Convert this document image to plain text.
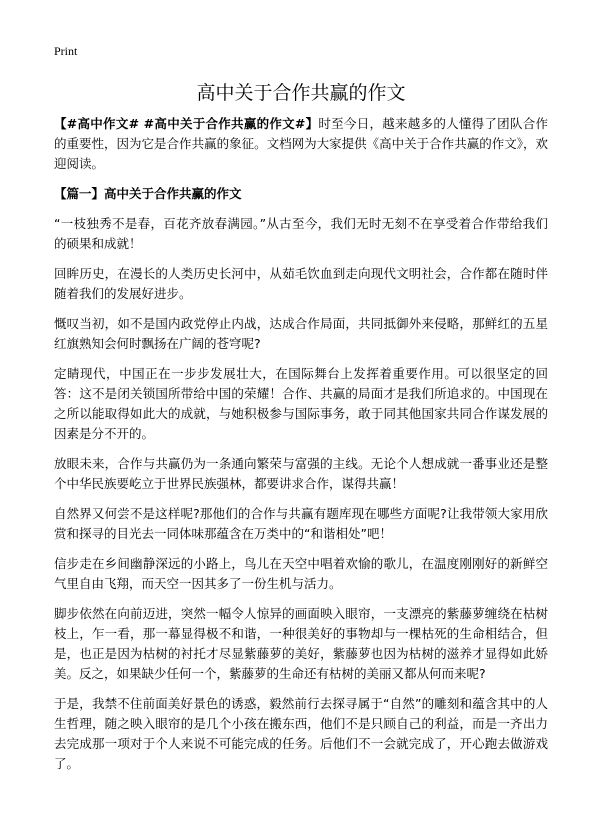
Print
高中关于合作共赢的作文

【#高中作文# #高中关于合作共赢的作文#】时至今日，越来越多的人懂得了团队合作的重要性，因为它是合作共赢的象征。文档网为大家提供《高中关于合作共赢的作文》，欢迎阅读。

【篇一】高中关于合作共赢的作文

“一枝独秀不是春，百花齐放春满园。”从古至今，我们无时无刻不在享受着合作带给我们的硕果和成就！

回眸历史，在漫长的人类历史长河中，从茹毛饮血到走向现代文明社会，合作都在随时伴随着我们的发展好进步。

慨叹当初，如不是国内政党停止内战，达成合作局面，共同抵御外来侵略，那鲜红的五星红旗熟知会何时飘扬在广阔的苍穹呢?

定睛现代，中国正在一步步发展壮大，在国际舞台上发挥着重要作用。可以很坚定的回答：这不是闭关锁国所带给中国的荣耀！合作、共赢的局面才是我们所追求的。中国现在之所以能取得如此大的成就，与她积极参与国际事务，敢于同其他国家共同合作谋发展的因素是分不开的。

放眼未来，合作与共赢仍为一条通向繁荣与富强的主线。无论个人想成就一番事业还是整个中华民族要屹立于世界民族强林，都要讲求合作，谋得共赢！

自然界又何尝不是这样呢?那他们的合作与共赢有题库现在哪些方面呢?让我带领大家用欣赏和探寻的目光去一同体味那蕴含在万类中的“和谐相处”吧！

信步走在乡间幽静深远的小路上，鸟儿在天空中唱着欢愉的歌儿，在温度刚刚好的新鲜空气里自由飞翔，而天空一因其多了一份生机与活力。

脚步依然在向前迈进，突然一幅令人惊异的画面映入眼帘，一支漂亮的紫藤萝缠绕在枯树枝上，乍一看，那一幕显得极不和谐，一种很美好的事物却与一棵枯死的生命相结合，但是，也正是因为枯树的衬托才尽显紫藤萝的美好，紫藤萝也因为枯树的滋养才显得如此娇美。反之，如果缺少任何一个，紫藤萝的生命还有枯树的美丽又都从何而来呢?

于是，我禁不住前面美好景色的诱惑，毅然前行去探寻属于“自然”的雕刻和蕴含其中的人生哲理，随之映入眼帘的是几个小孩在搬东西，他们不是只顾自己的利益，而是一齐出力去完成那一项对于个人来说不可能完成的任务。后他们不一会就完成了，开心跑去做游戏了。
